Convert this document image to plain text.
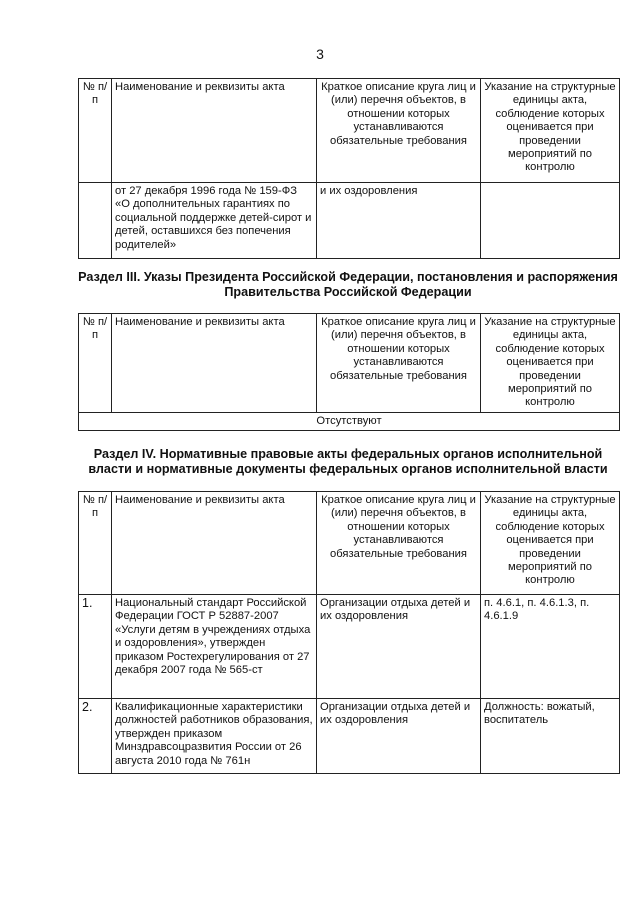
3
№ п/п	Наименование и реквизиты акта	Краткое описание круга лиц и (или) перечня объектов, в отношении которых устанавливаются обязательные требования	Указание на структурные единицы акта, соблюдение которых оценивается при проведении мероприятий по контролю
	от 27 декабря 1996 года № 159-ФЗ «О дополнительных гарантиях по социальной поддержке детей-сирот и детей, оставшихся без попечения родителей»	и их оздоровления	
Раздел III. Указы Президента Российской Федерации, постановления и распоряжения Правительства Российской Федерации
№ п/п	Наименование и реквизиты акта	Краткое описание круга лиц и (или) перечня объектов, в отношении которых устанавливаются обязательные требования	Указание на структурные единицы акта, соблюдение которых оценивается при проведении мероприятий по контролю
Отсутствуют
Раздел IV. Нормативные правовые акты федеральных органов исполнительной власти и нормативные документы федеральных органов исполнительной власти
№ п/п	Наименование и реквизиты акта	Краткое описание круга лиц и (или) перечня объектов, в отношении которых устанавливаются обязательные требования	Указание на структурные единицы акта, соблюдение которых оценивается при проведении мероприятий по контролю
1.	Национальный стандарт Российской Федерации ГОСТ Р 52887-2007 «Услуги детям в учреждениях отдыха и оздоровления», утвержден приказом Ростехрегулирования от 27 декабря 2007 года № 565-ст	Организации отдыха детей и их оздоровления	п. 4.6.1, п. 4.6.1.3, п. 4.6.1.9
2.	Квалификационные характеристики должностей работников образования, утвержден приказом Минздравсоцразвития России от 26 августа 2010 года № 761н	Организации отдыха детей и их оздоровления	Должность: вожатый, воспитатель
